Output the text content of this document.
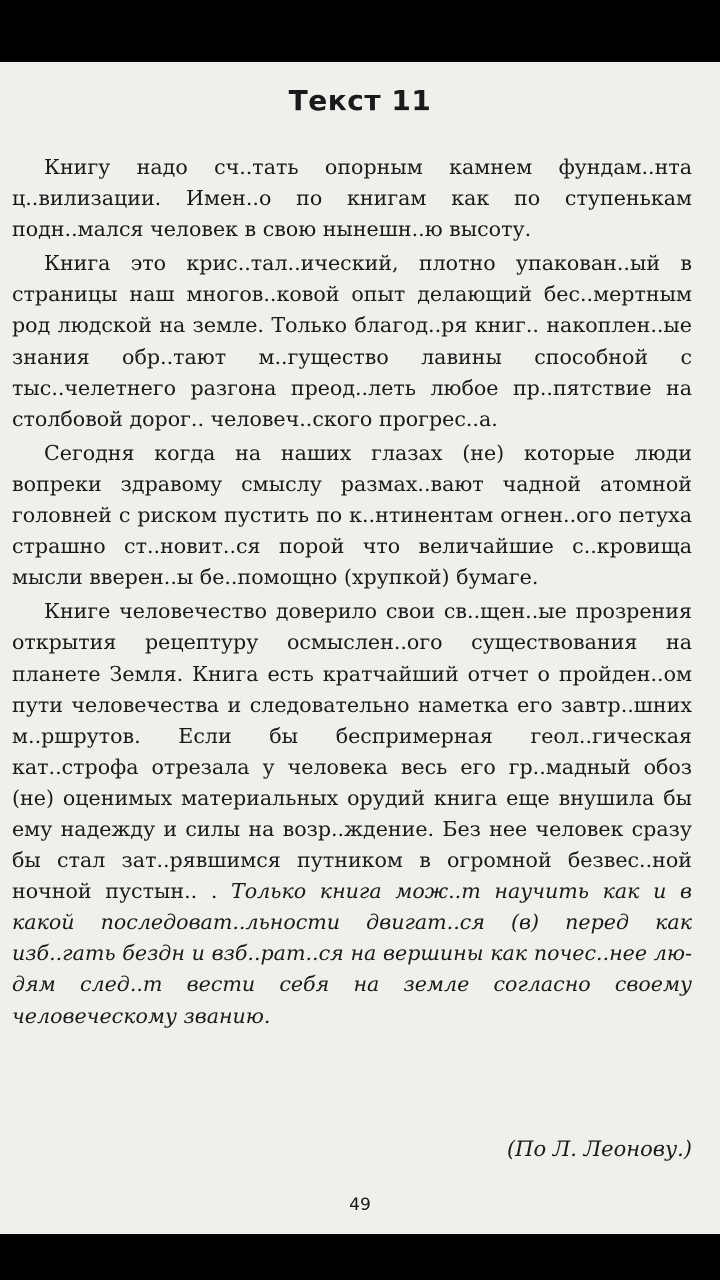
Текст 11

Книгу надо сч..тать опорным камнем фундам..нта ц..вилизации. Имен..о по книгам как по ступенькам подн..мался человек в свою нынешн..ю высоту.

Книга это крис..тал..ический, плотно упакован..ый в страницы наш многов..ковой опыт делающий бес..мертным род людской на земле. Только благод..ря книг.. накоплен..ые знания обр..тают м..гущество лавины способной с тыс..челетнего разгона преод..леть любое пр..пятствие на столбовой дорог.. человеч..ского прогрес..а.

Сегодня когда на наших глазах (не) которые люди вопреки здравому смыслу размах..вают чадной атомной головней с риском пустить по к..нтинентам огнен..ого петуха страшно ст..новит..ся порой что величайшие с..кровища мысли вверен..ы бе..помощно (хрупкой) бумаге.

Книге человечество доверило свои св..щен..ые прозрения открытия рецептуру осмыслен..ого существования на планете Земля. Книга есть кратчайший отчет о пройден..ом пути человечества и следовательно наметка его завтр..шних м..ршрутов. Если бы беспримерная геол..гическая кат..строфа отрезала у человека весь его гр..мадный обоз (не) оценимых материальных орудий книга еще внушила бы ему надежду и силы на возр..ждение. Без нее человек сразу бы стал зат..рявшимся путником в огромной безвес..ной ночной пустын.. . Только книга мож..т научить как и в какой последоват..льности двигат..ся (в) перед как изб..гать бездн и взб..рат..ся на вершины как почес..нее людям след..т вести себя на земле согласно своему человеческому званию.

(По Л. Леонову.)
49
